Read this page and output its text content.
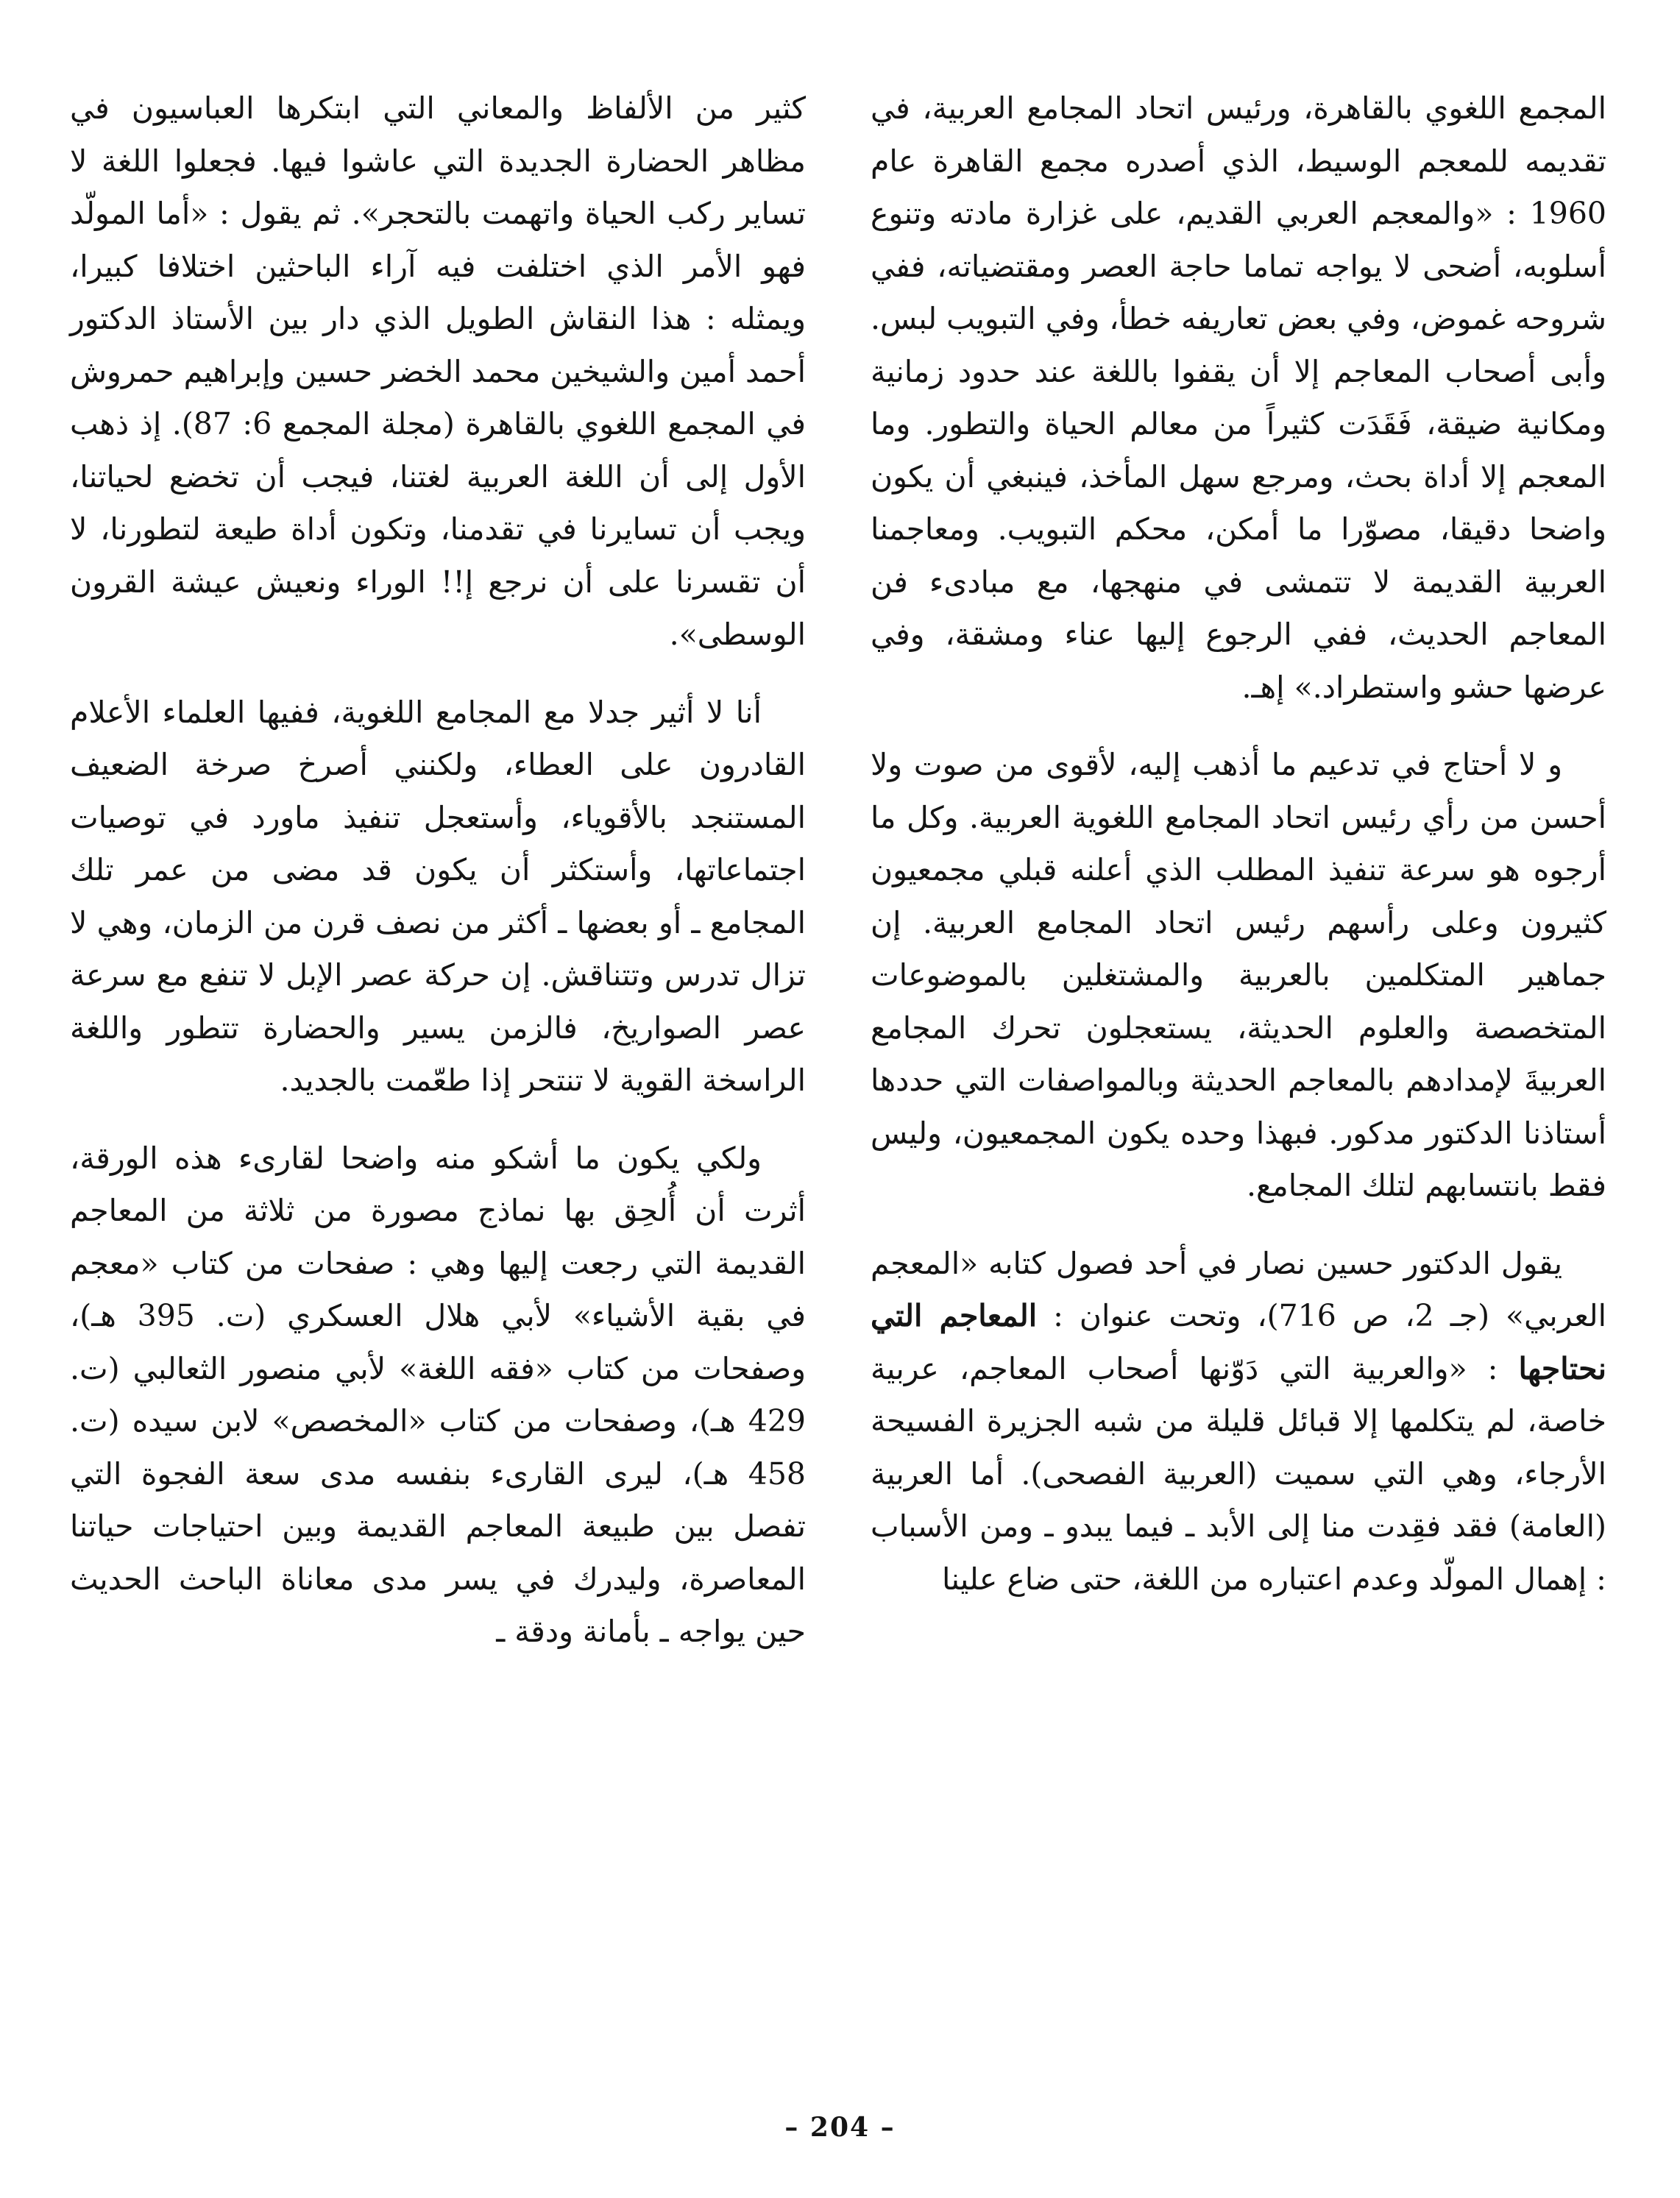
المجمع اللغوي بالقاهرة، ورئيس اتحاد المجامع العربية، في تقديمه للمعجم الوسيط، الذي أصدره مجمع القاهرة عام 1960 : «والمعجم العربي القديم، على غزارة مادته وتنوع أسلوبه، أضحى لا يواجه تماما حاجة العصر ومقتضياته، ففي شروحه غموض، وفي بعض تعاريفه خطأ، وفي التبويب لبس. وأبى أصحاب المعاجم إلا أن يقفوا باللغة عند حدود زمانية ومكانية ضيقة، فَقَدَت كثيراً من معالم الحياة والتطور. وما المعجم إلا أداة بحث، ومرجع سهل المأخذ، فينبغي أن يكون واضحا دقيقا، مصوّرا ما أمكن، محكم التبويب. ومعاجمنا العربية القديمة لا تتمشى في منهجها، مع مبادىء فن المعاجم الحديث، ففي الرجوع إليها عناء ومشقة، وفي عرضها حشو واستطراد.» إهـ.

و لا أحتاج في تدعيم ما أذهب إليه، لأقوى من صوت ولا أحسن من رأي رئيس اتحاد المجامع اللغوية العربية. وكل ما أرجوه هو سرعة تنفيذ المطلب الذي أعلنه قبلي مجمعيون كثيرون وعلى رأسهم رئيس اتحاد المجامع العربية. إن جماهير المتكلمين بالعربية والمشتغلين بالموضوعات المتخصصة والعلوم الحديثة، يستعجلون تحرك المجامع العربيةَ لإمدادهم بالمعاجم الحديثة وبالمواصفات التي حددها أستاذنا الدكتور مدكور. فبهذا وحده يكون المجمعيون، وليس فقط بانتسابهم لتلك المجامع.

يقول الدكتور حسين نصار في أحد فصول كتابه «المعجم العربي» (جـ 2، ص 716)، وتحت عنوان : المعاجم التي نحتاجها : «والعربية التي دَوّنها أصحاب المعاجم، عربية خاصة، لم يتكلمها إلا قبائل قليلة من شبه الجزيرة الفسيحة الأرجاء، وهي التي سميت (العربية الفصحى). أما العربية (العامة) فقد فقِدت منا إلى الأبد ـ فيما يبدو ـ ومن الأسباب : إهمال المولّد وعدم اعتباره من اللغة، حتى ضاع علينا

كثير من الألفاظ والمعاني التي ابتكرها العباسيون في مظاهر الحضارة الجديدة التي عاشوا فيها. فجعلوا اللغة لا تساير ركب الحياة واتهمت بالتحجر». ثم يقول : «أما المولّد فهو الأمر الذي اختلفت فيه آراء الباحثين اختلافا كبيرا، ويمثله : هذا النقاش الطويل الذي دار بين الأستاذ الدكتور أحمد أمين والشيخين محمد الخضر حسين وإبراهيم حمروش في المجمع اللغوي بالقاهرة (مجلة المجمع 6: 87). إذ ذهب الأول إلى أن اللغة العربية لغتنا، فيجب أن تخضع لحياتنا، ويجب أن تسايرنا في تقدمنا، وتكون أداة طيعة لتطورنا، لا أن تقسرنا على أن نرجع إ!! الوراء ونعيش عيشة القرون الوسطى».

أنا لا أثير جدلا مع المجامع اللغوية، ففيها العلماء الأعلام القادرون على العطاء، ولكنني أصرخ صرخة الضعيف المستنجد بالأقوياء، وأستعجل تنفيذ ماورد في توصيات اجتماعاتها، وأستكثر أن يكون قد مضى من عمر تلك المجامع ـ أو بعضها ـ أكثر من نصف قرن من الزمان، وهي لا تزال تدرس وتتناقش. إن حركة عصر الإبل لا تنفع مع سرعة عصر الصواريخ، فالزمن يسير والحضارة تتطور واللغة الراسخة القوية لا تنتحر إذا طعّمت بالجديد.

ولكي يكون ما أشكو منه واضحا لقارىء هذه الورقة، أثرت أن أُلحِق بها نماذج مصورة من ثلاثة من المعاجم القديمة التي رجعت إليها وهي : صفحات من كتاب «معجم في بقية الأشياء» لأبي هلال العسكري (ت. 395 هـ)، وصفحات من كتاب «فقه اللغة» لأبي منصور الثعالبي (ت. 429 هـ)، وصفحات من كتاب «المخصص» لابن سيده (ت. 458 هـ)، ليرى القارىء بنفسه مدى سعة الفجوة التي تفصل بين طبيعة المعاجم القديمة وبين احتياجات حياتنا المعاصرة، وليدرك في يسر مدى معاناة الباحث الحديث حين يواجه ـ بأمانة ودقة ـ

– 204 –
